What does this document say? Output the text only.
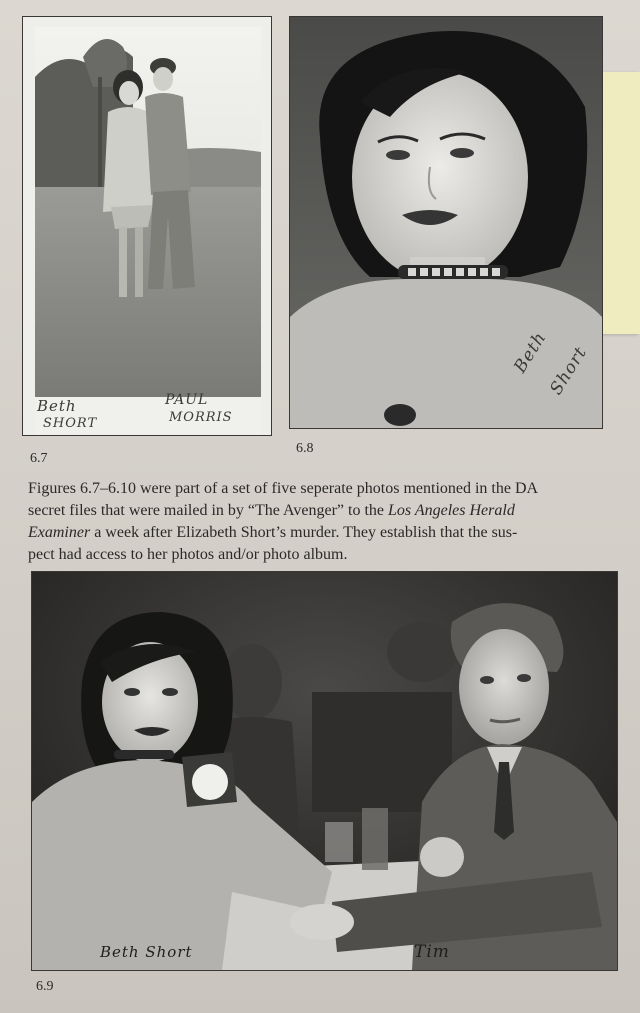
Beth
SHORT
PAUL
MORRIS
Beth
Short
6.7
6.8
Figures 6.7–6.10 were part of a set of five seperate photos mentioned in the DA
secret files that were mailed in by “The Avenger” to the Los Angeles Herald
Examiner a week after Elizabeth Short’s murder. They establish that the sus-
pect had access to her photos and/or photo album.
Beth Short	Tim
6.9
